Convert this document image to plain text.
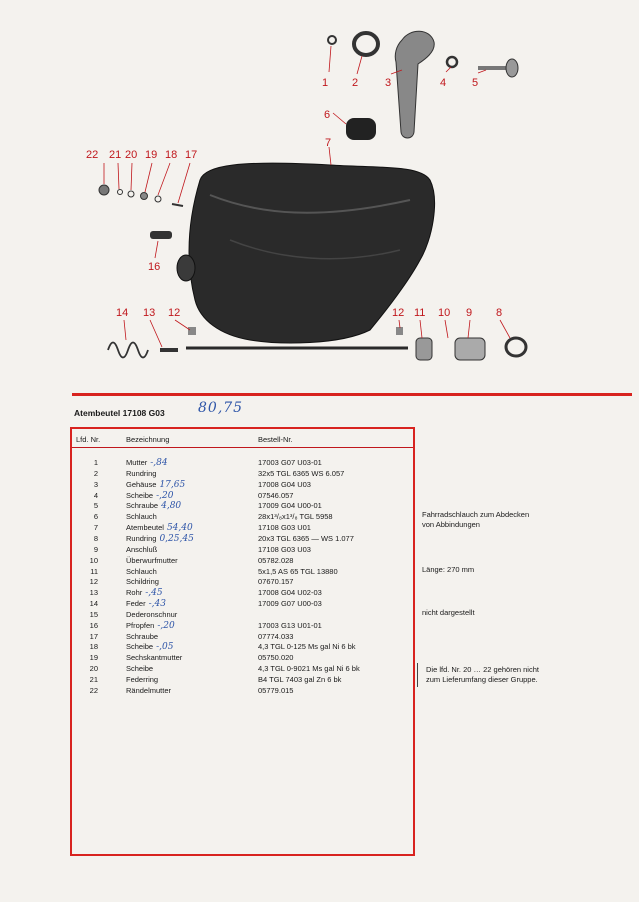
1 2 3	4 5
6
7
8
9
10
11
12
12
13
14
16
17
18
19
20
21
22
Atembeutel 17108 G03 80,75
Lfd. Nr.	Bezeichnung	Bestell-Nr.
1	Mutter -,84	17003 G07 U03-01
2	Rundring	32x5 TGL 6365 WS 6.057
3	Gehäuse 17,65	17008 G04 U03
4	Scheibe -,20	07546.057
5	Schraube 4,80	17009 G04 U00-01
6	Schlauch	28x1³/₈x1³/₈ TGL 5958
7	Atembeutel 54,40	17108 G03 U01
8	Rundring 0,25,45	20x3 TGL 6365 — WS 1.077
9	Anschluß	17108 G03 U03
10	Überwurfmutter	05782.028
11	Schlauch	5x1,5 AS 65 TGL 13880
12	Schildring	07670.157
13	Rohr -,45	17008 G04 U02-03
14	Feder -,43	17009 G07 U00-03
15	Dederonschnur
16	Pfropfen -,20	17003 G13 U01-01
17	Schraube	07774.033
18	Scheibe -,05	4,3 TGL 0-125 Ms gal Ni 6 bk
19	Sechskantmutter	05750.020
20	Scheibe	4,3 TGL 0-9021 Ms gal Ni 6 bk
21	Federring	B4 TGL 7403 gal Zn 6 bk
22	Rändelmutter	05779.015
Fahrradschlauch zum Abdecken
von Abbindungen
Länge: 270 mm
nicht dargestellt
Die lfd. Nr. 20 … 22 gehören nicht
zum Lieferumfang dieser Gruppe.
